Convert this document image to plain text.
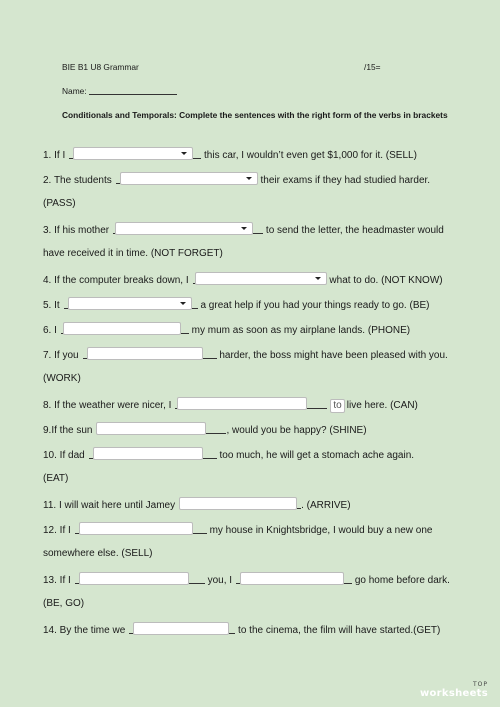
BIE B1 U8 Grammar	/15=
Name:
Conditionals and Temporals: Complete the sentences with the right form of the verbs in brackets
1. If I	this car, I wouldn’t even get $1,000 for it. (SELL)
2. The students	their exams if they had studied harder.
(PASS)
3. If his mother	to send the letter, the headmaster would
have received it in time. (NOT FORGET)
4. If the computer breaks down, I	what to do. (NOT KNOW)
5. It	a great help if you had your things ready to go. (BE)
6. I	my mum as soon as my airplane lands. (PHONE)
7. If you	harder, the boss might have been pleased with you.
(WORK)
8. If the weather were nicer, I	to live here. (CAN)
9.If the sun	, would you be happy? (SHINE)
10. If dad	too much, he will get a stomach ache again.
(EAT)
11. I will wait here until Jamey	. (ARRIVE)
12. If I	my house in Knightsbridge, I would buy a new one
somewhere else. (SELL)
13. If I	you, I	go home before dark.
(BE, GO)
14. By the time we	to the cinema, the film will have started.(GET)
TOP
worksheets
